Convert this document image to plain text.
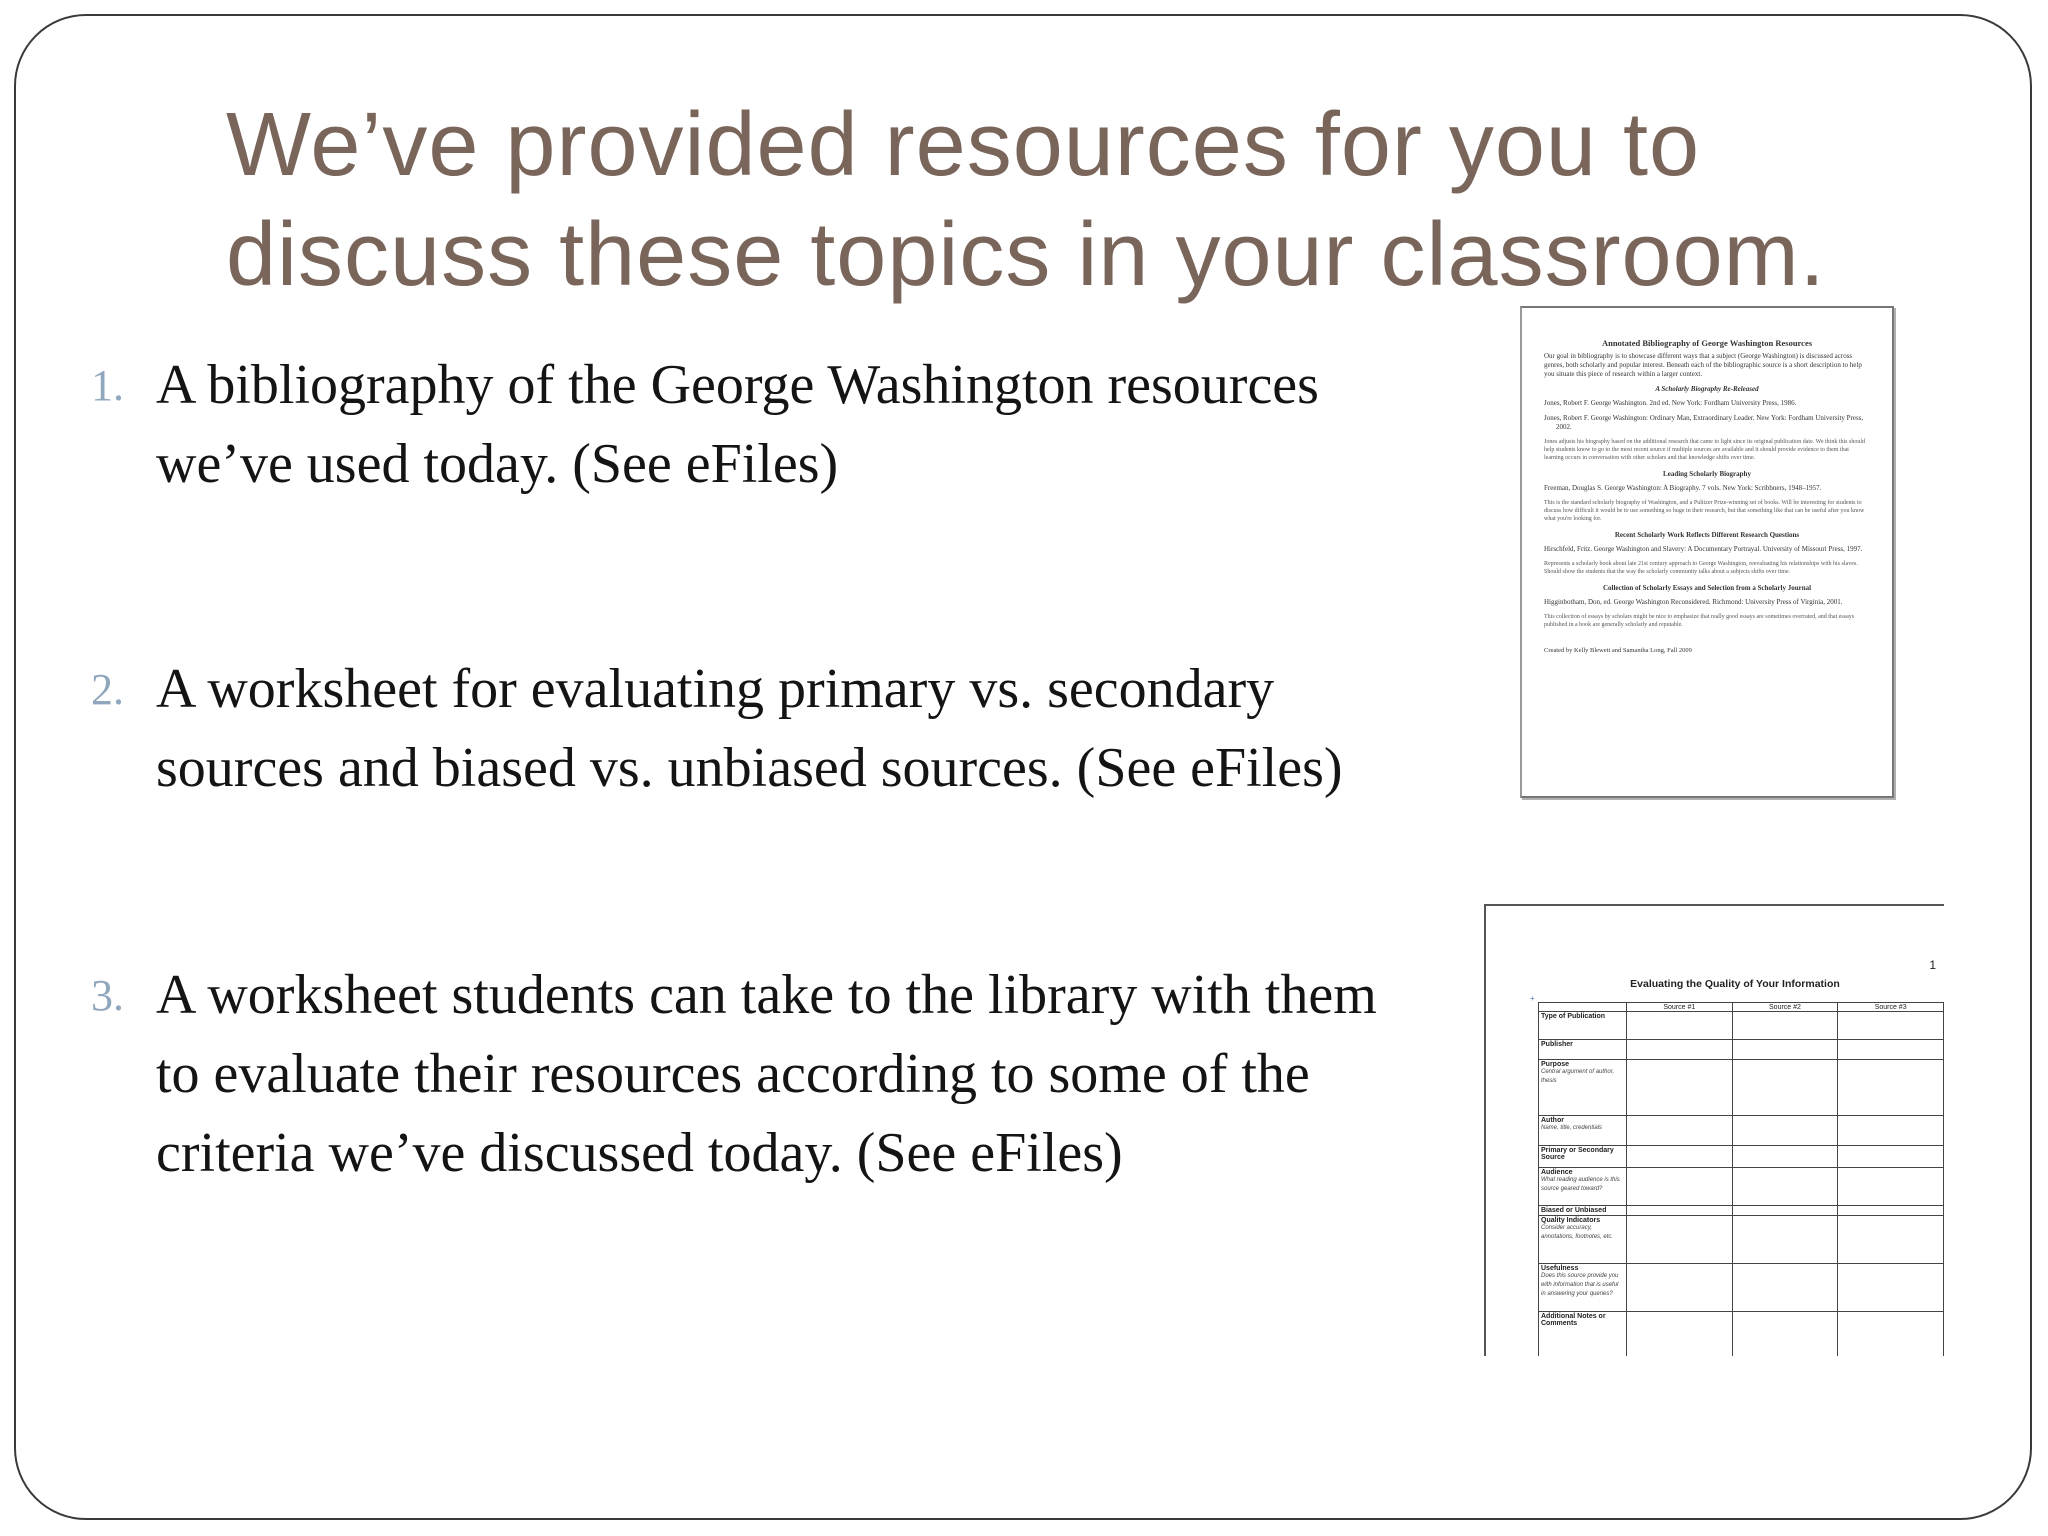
We’ve provided resources for you to discuss these topics in your classroom.
1. A bibliography of the George Washington resources we’ve used today. (See eFiles)
2. A worksheet for evaluating primary vs. secondary sources and biased vs. unbiased sources. (See eFiles)
3. A worksheet students can take to the library with them to evaluate their resources according to some of the criteria we’ve discussed today. (See eFiles)
Annotated Bibliography of George Washington Resources
Our goal in bibliography is to showcase different ways that a subject (George Washington) is discussed across genres, both scholarly and popular interest. Beneath each of the bibliographic source is a short description to help you situate this piece of research within a larger context.
A Scholarly Biography Re-Released
Jones, Robert F. George Washington. 2nd ed. New York: Fordham University Press, 1986.
Jones, Robert F. George Washington: Ordinary Man, Extraordinary Leader. New York: Fordham University Press, 2002.
Jones adjusts his biography based on the additional research that came to light since its original publication date. We think this should help students know to go to the most recent source if multiple sources are available and it should provide evidence to them that learning occurs in conversation with other scholars and that knowledge shifts over time.
Leading Scholarly Biography
Freeman, Douglas S. George Washington: A Biography. 7 vols. New York: Scribbners, 1948–1957.
This is the standard scholarly biography of Washington, and a Pulitzer Prize-winning set of books. Will be interesting for students to discuss how difficult it would be to use something so huge in their research, but that something like that can be useful after you know what you're looking for.
Recent Scholarly Work Reflects Different Research Questions
Hirschfeld, Fritz. George Washington and Slavery: A Documentary Portrayal. University of Missouri Press, 1997.
Represents a scholarly book about late 21st century approach to George Washington, reevaluating his relationships with his slaves. Should show the students that the way the scholarly community talks about a subjects shifts over time.
Collection of Scholarly Essays and Selection from a Scholarly Journal
Higginbotham, Don, ed. George Washington Reconsidered. Richmond: University Press of Virginia, 2001.
This collection of essays by scholars might be nice to emphasize that really good essays are sometimes overrated, and that essays published in a book are generally scholarly and reputable.
Created by Kelly Blewett and Samantha Long, Fall 2009
1
Evaluating the Quality of Your Information
+
	Source #1	Source #2	Source #3

Type of Publication			

Publisher			

Purpose
Central argument of author, thesis			

Author
Name, title, credentials			

Primary or Secondary Source			

Audience
What reading audience is this source geared toward?			

Biased or Unbiased			

Quality Indicators
Consider accuracy, annotations, footnotes, etc.			

Usefulness
Does this source provide you with information that is useful in answering your queries?			

Additional Notes or Comments			
